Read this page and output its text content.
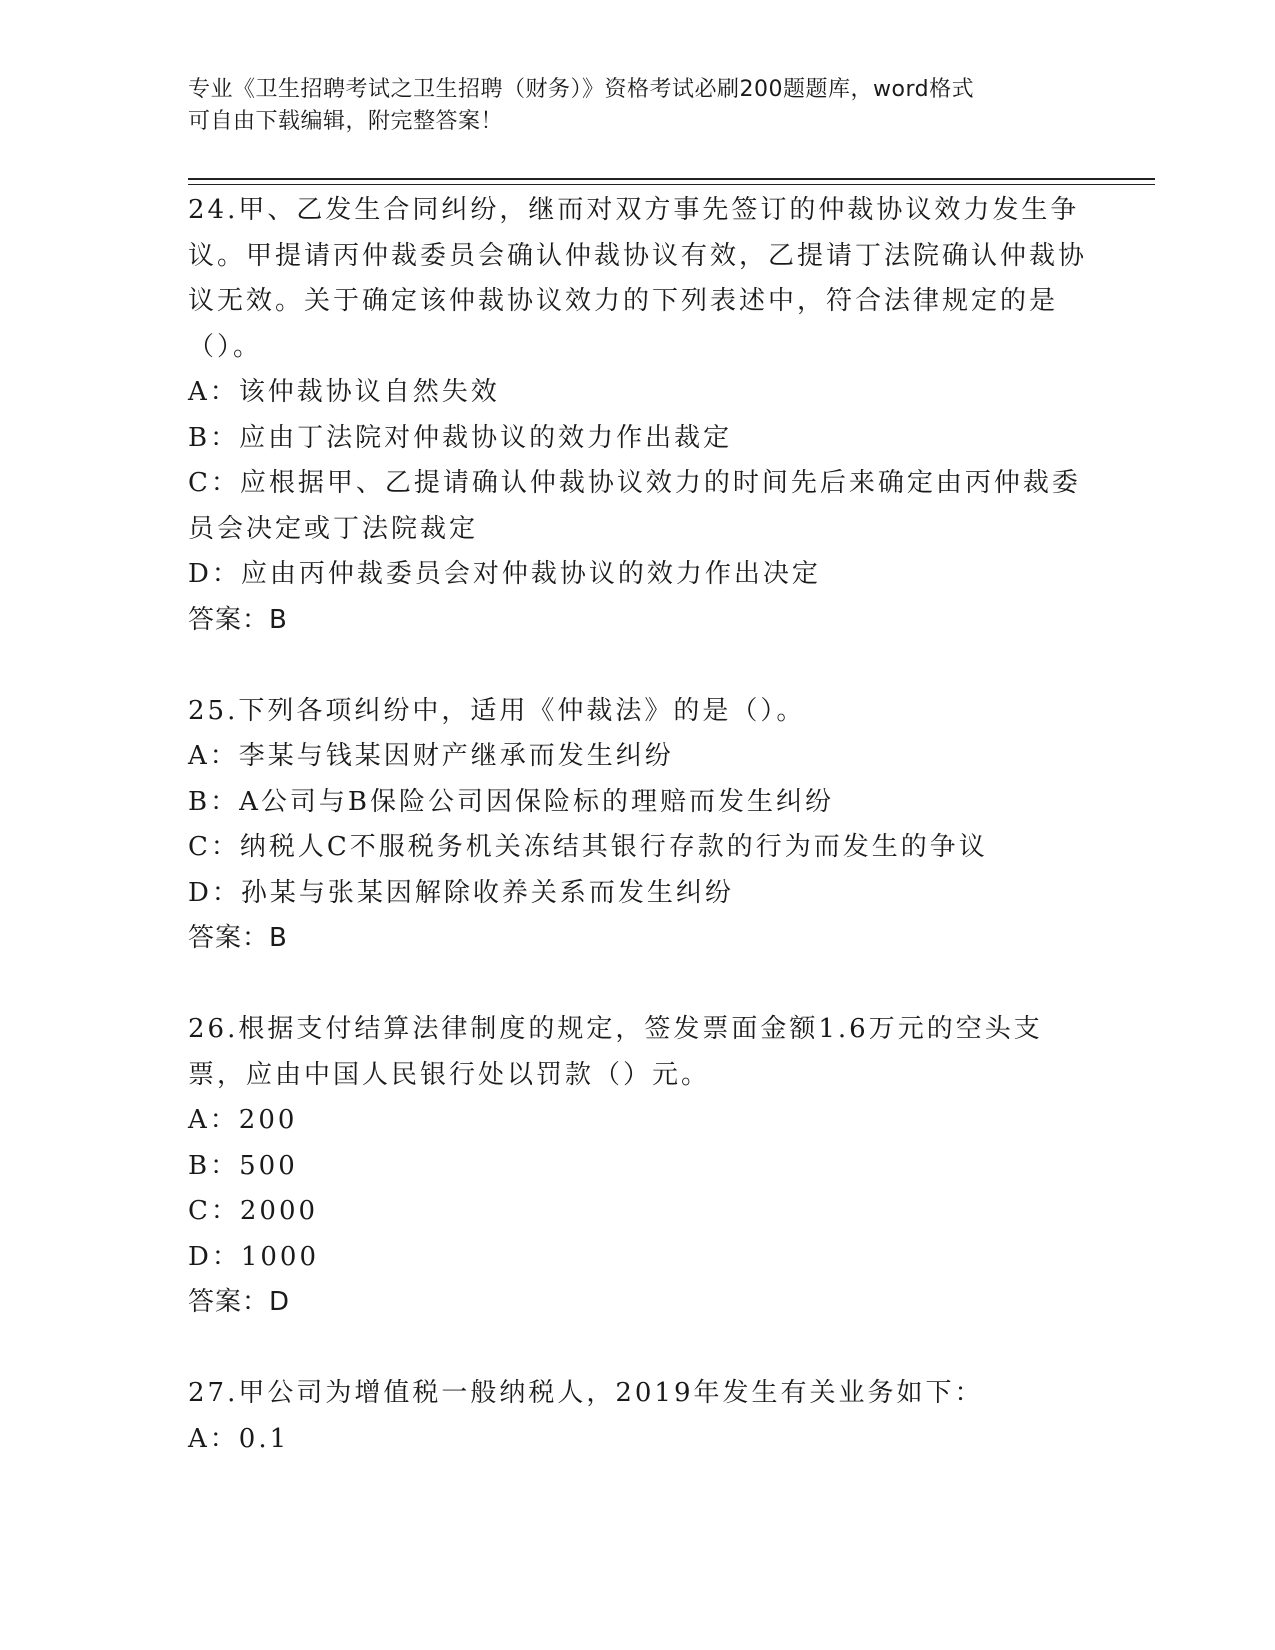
专业《卫生招聘考试之卫生招聘（财务）》资格考试必刷200题题库，word格式
可自由下载编辑，附完整答案！

24.甲、乙发生合同纠纷，继而对双方事先签订的仲裁协议效力发生争议。甲提请丙仲裁委员会确认仲裁协议有效，乙提请丁法院确认仲裁协议无效。关于确定该仲裁协议效力的下列表述中，符合法律规定的是（）。

A：该仲裁协议自然失效

B：应由丁法院对仲裁协议的效力作出裁定

C：应根据甲、乙提请确认仲裁协议效力的时间先后来确定由丙仲裁委员会决定或丁法院裁定

D：应由丙仲裁委员会对仲裁协议的效力作出决定

答案：B

25.下列各项纠纷中，适用《仲裁法》的是（）。

A：李某与钱某因财产继承而发生纠纷

B：A公司与B保险公司因保险标的理赔而发生纠纷

C：纳税人C不服税务机关冻结其银行存款的行为而发生的争议

D：孙某与张某因解除收养关系而发生纠纷

答案：B

26.根据支付结算法律制度的规定，签发票面金额1.6万元的空头支票，应由中国人民银行处以罚款（）元。

A：200

B：500

C：2000

D：1000

答案：D

27.甲公司为增值税一般纳税人，2019年发生有关业务如下：

A：0.1
